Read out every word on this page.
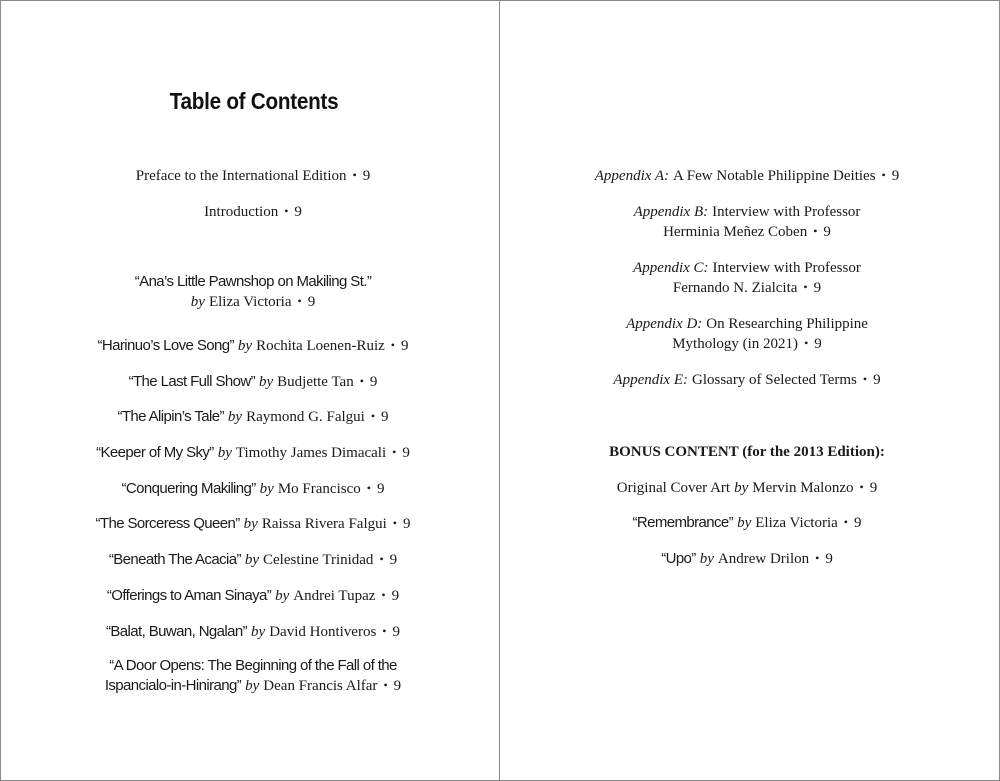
Table of Contents
Preface to the International Edition • 9
Introduction • 9
“Ana’s Little Pawnshop on Makiling St.”
by Eliza Victoria • 9
“Harinuo’s Love Song” by Rochita Loenen-Ruiz • 9
“The Last Full Show” by Budjette Tan • 9
“The Alipin’s Tale” by Raymond G. Falgui • 9
“Keeper of My Sky” by Timothy James Dimacali • 9
“Conquering Makiling” by Mo Francisco • 9
“The Sorceress Queen” by Raissa Rivera Falgui • 9
“Beneath The Acacia” by Celestine Trinidad • 9
“Offerings to Aman Sinaya” by Andrei Tupaz • 9
“Balat, Buwan, Ngalan” by David Hontiveros • 9
“A Door Opens: The Beginning of the Fall of the
Ispancialo-in-Hinirang” by Dean Francis Alfar • 9
Appendix A: A Few Notable Philippine Deities • 9
Appendix B: Interview with Professor
Herminia Meñez Coben • 9
Appendix C: Interview with Professor
Fernando N. Zialcita • 9
Appendix D: On Researching Philippine
Mythology (in 2021) • 9
Appendix E: Glossary of Selected Terms • 9
BONUS CONTENT (for the 2013 Edition):
Original Cover Art by Mervin Malonzo • 9
“Remembrance” by Eliza Victoria • 9
“Upo” by Andrew Drilon • 9
